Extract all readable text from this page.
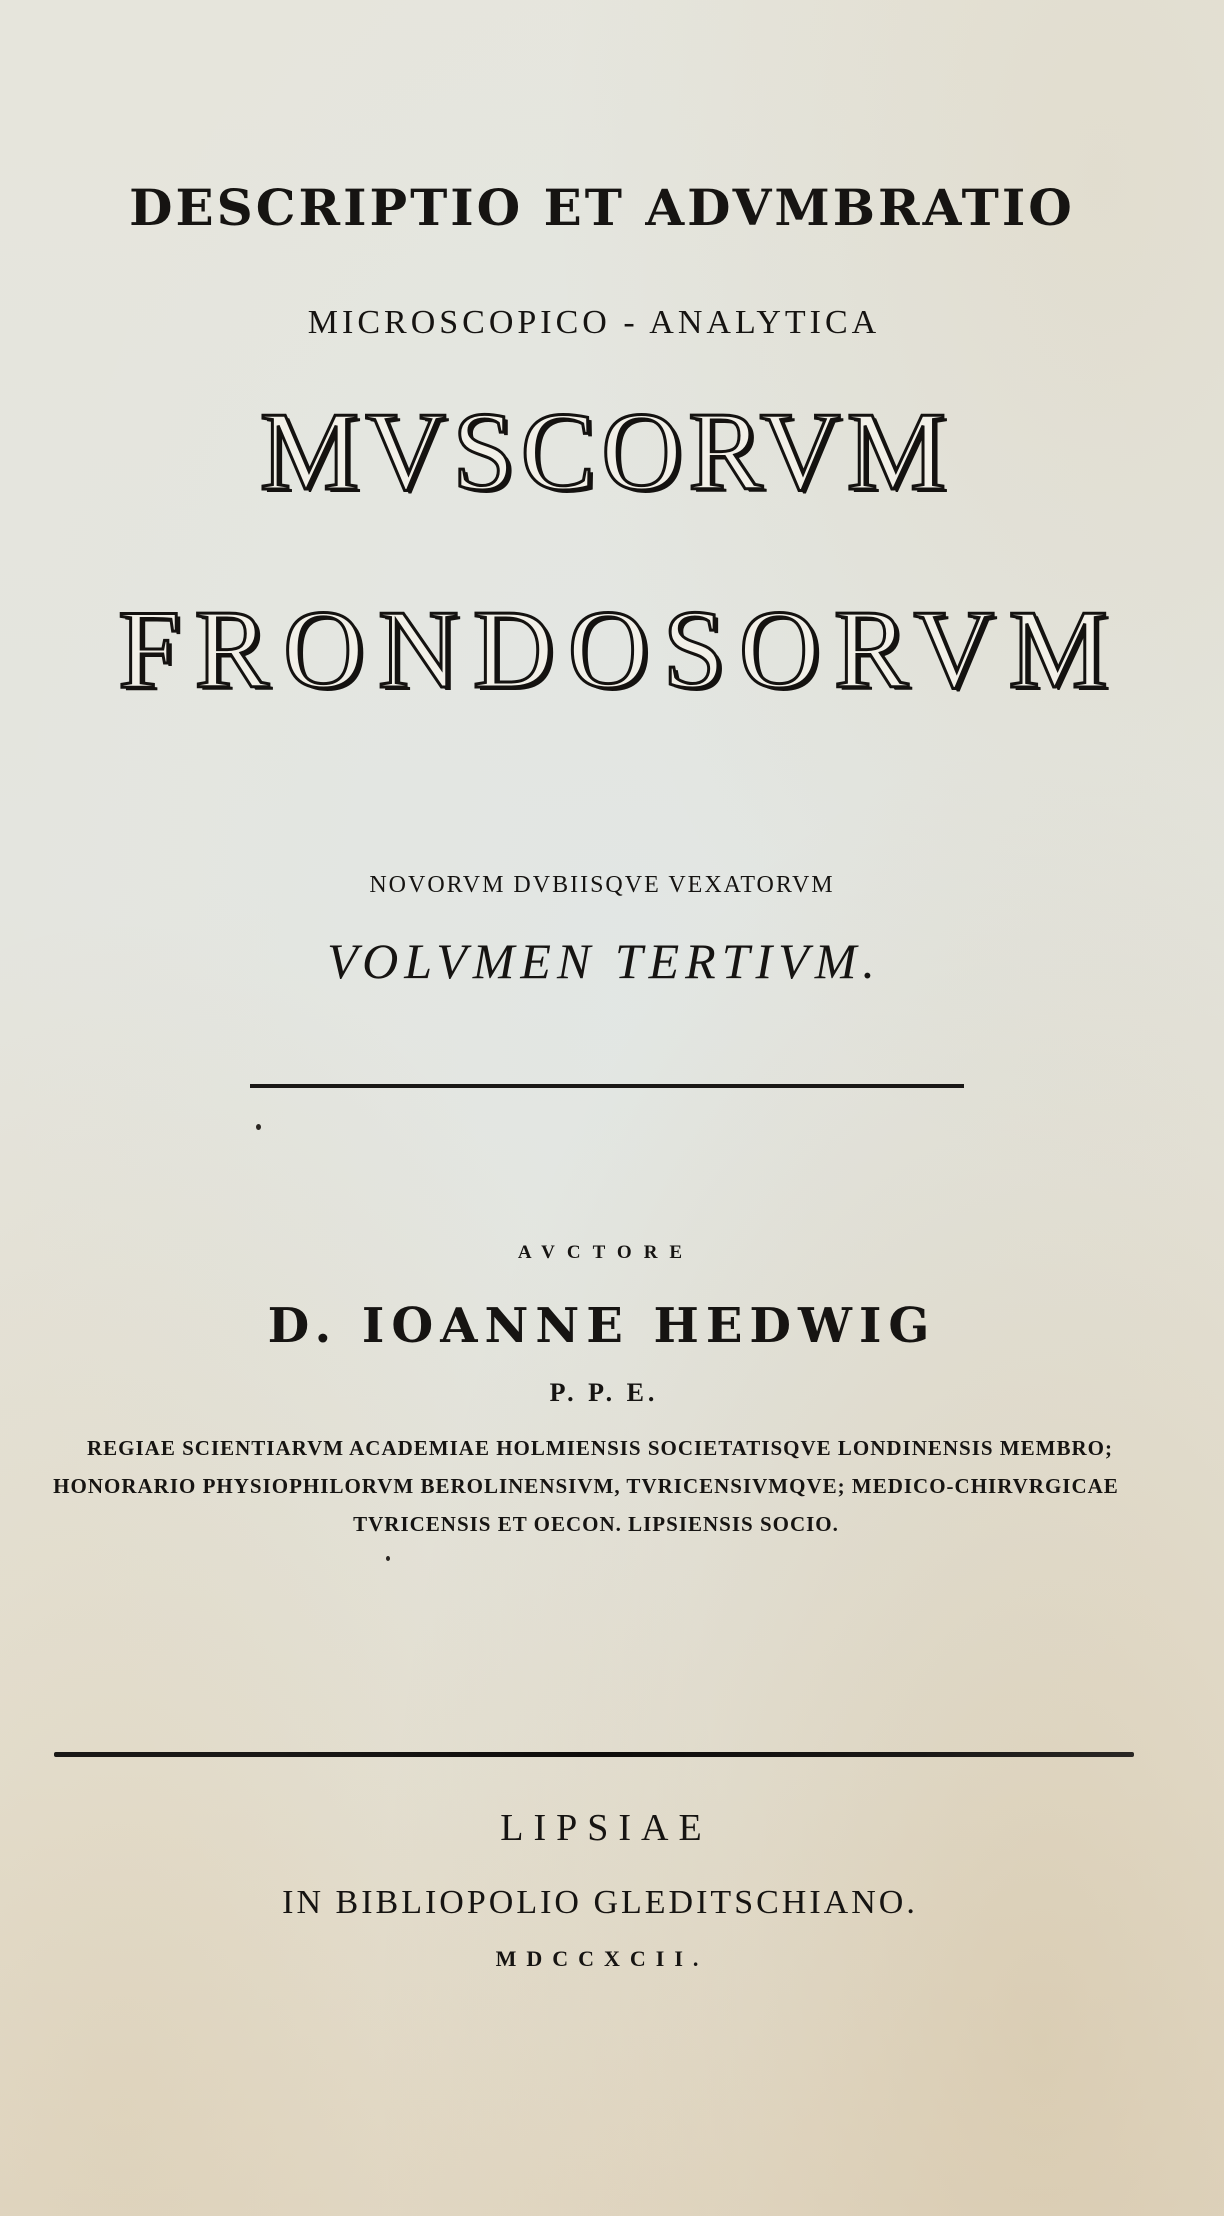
DESCRIPTIO ET ADVMBRATIO
MICROSCOPICO - ANALYTICA
MVSCORVM
FRONDOSORVM
NOVORVM DVBIISQVE VEXATORVM
VOLVMEN TERTIVM.
AVCTORE
D. IOANNE HEDWIG
P. P. E.
REGIAE SCIENTIARVM ACADEMIAE HOLMIENSIS SOCIETATISQVE LONDINENSIS MEMBRO;
HONORARIO PHYSIOPHILORVM BEROLINENSIVM, TVRICENSIVMQVE; MEDICO-CHIRVRGICAE
TVRICENSIS ET OECON. LIPSIENSIS SOCIO.
LIPSIAE
IN BIBLIOPOLIO GLEDITSCHIANO.
MDCCXCII.
